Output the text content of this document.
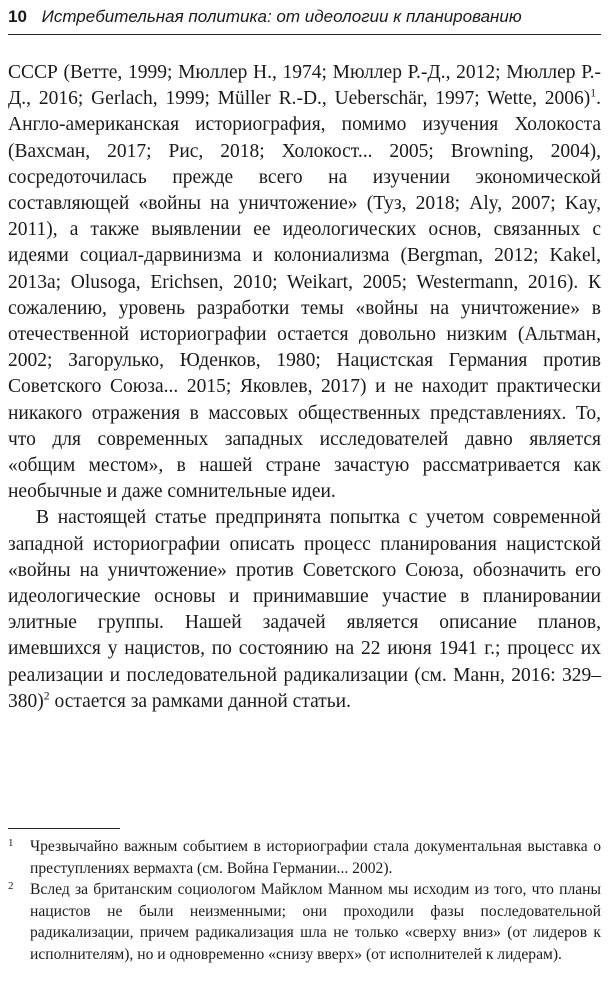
10 Истребительная политика: от идеологии к планированию

СССР (Ветте, 1999; Мюллер Н., 1974; Мюллер Р.-Д., 2012; Мюллер Р.-Д., 2016; Gerlach, 1999; Müller R.-D., Ueberschär, 1997; Wette, 2006)$^1$. Англо-американская историография, помимо изучения Холокоста (Вахсман, 2017; Рис, 2018; Холокост... 2005; Browning, 2004), сосредоточилась прежде всего на изучении экономической составляющей «войны на уничтожение» (Туз, 2018; Aly, 2007; Kay, 2011), а также выявлении ее идеологических основ, связанных с идеями социал-дарвинизма и колониализма (Bergman, 2012; Kakel, 2013a; Olusoga, Erichsen, 2010; Weikart, 2005; Westermann, 2016). К сожалению, уровень разработки темы «войны на уничтожение» в отечественной историографии остается довольно низким (Альтман, 2002; Загорулько, Юденков, 1980; Нацистская Германия против Советского Союза... 2015; Яковлев, 2017) и не находит практически никакого отражения в массовых общественных представлениях. То, что для современных западных исследователей давно является «общим местом», в нашей стране зачастую рассматривается как необычные и даже сомнительные идеи.

В настоящей статье предпринята попытка с учетом современной западной историографии описать процесс планирования нацистской «войны на уничтожение» против Советского Союза, обозначить его идеологические основы и принимавшие участие в планировании элитные группы. Нашей задачей является описание планов, имевшихся у нацистов, по состоянию на 22 июня 1941 г.; процесс их реализации и последовательной радикализации (см. Манн, 2016: 329–380)$^2$ остается за рамками данной статьи.

1 Чрезвычайно важным событием в историографии стала документальная выставка о преступлениях вермахта (см. Война Германии... 2002).
2 Вслед за британским социологом Майклом Манном мы исходим из того, что планы нацистов не были неизменными; они проходили фазы последовательной радикализации, причем радикализация шла не только «сверху вниз» (от лидеров к исполнителям), но и одновременно «снизу вверх» (от исполнителей к лидерам).
